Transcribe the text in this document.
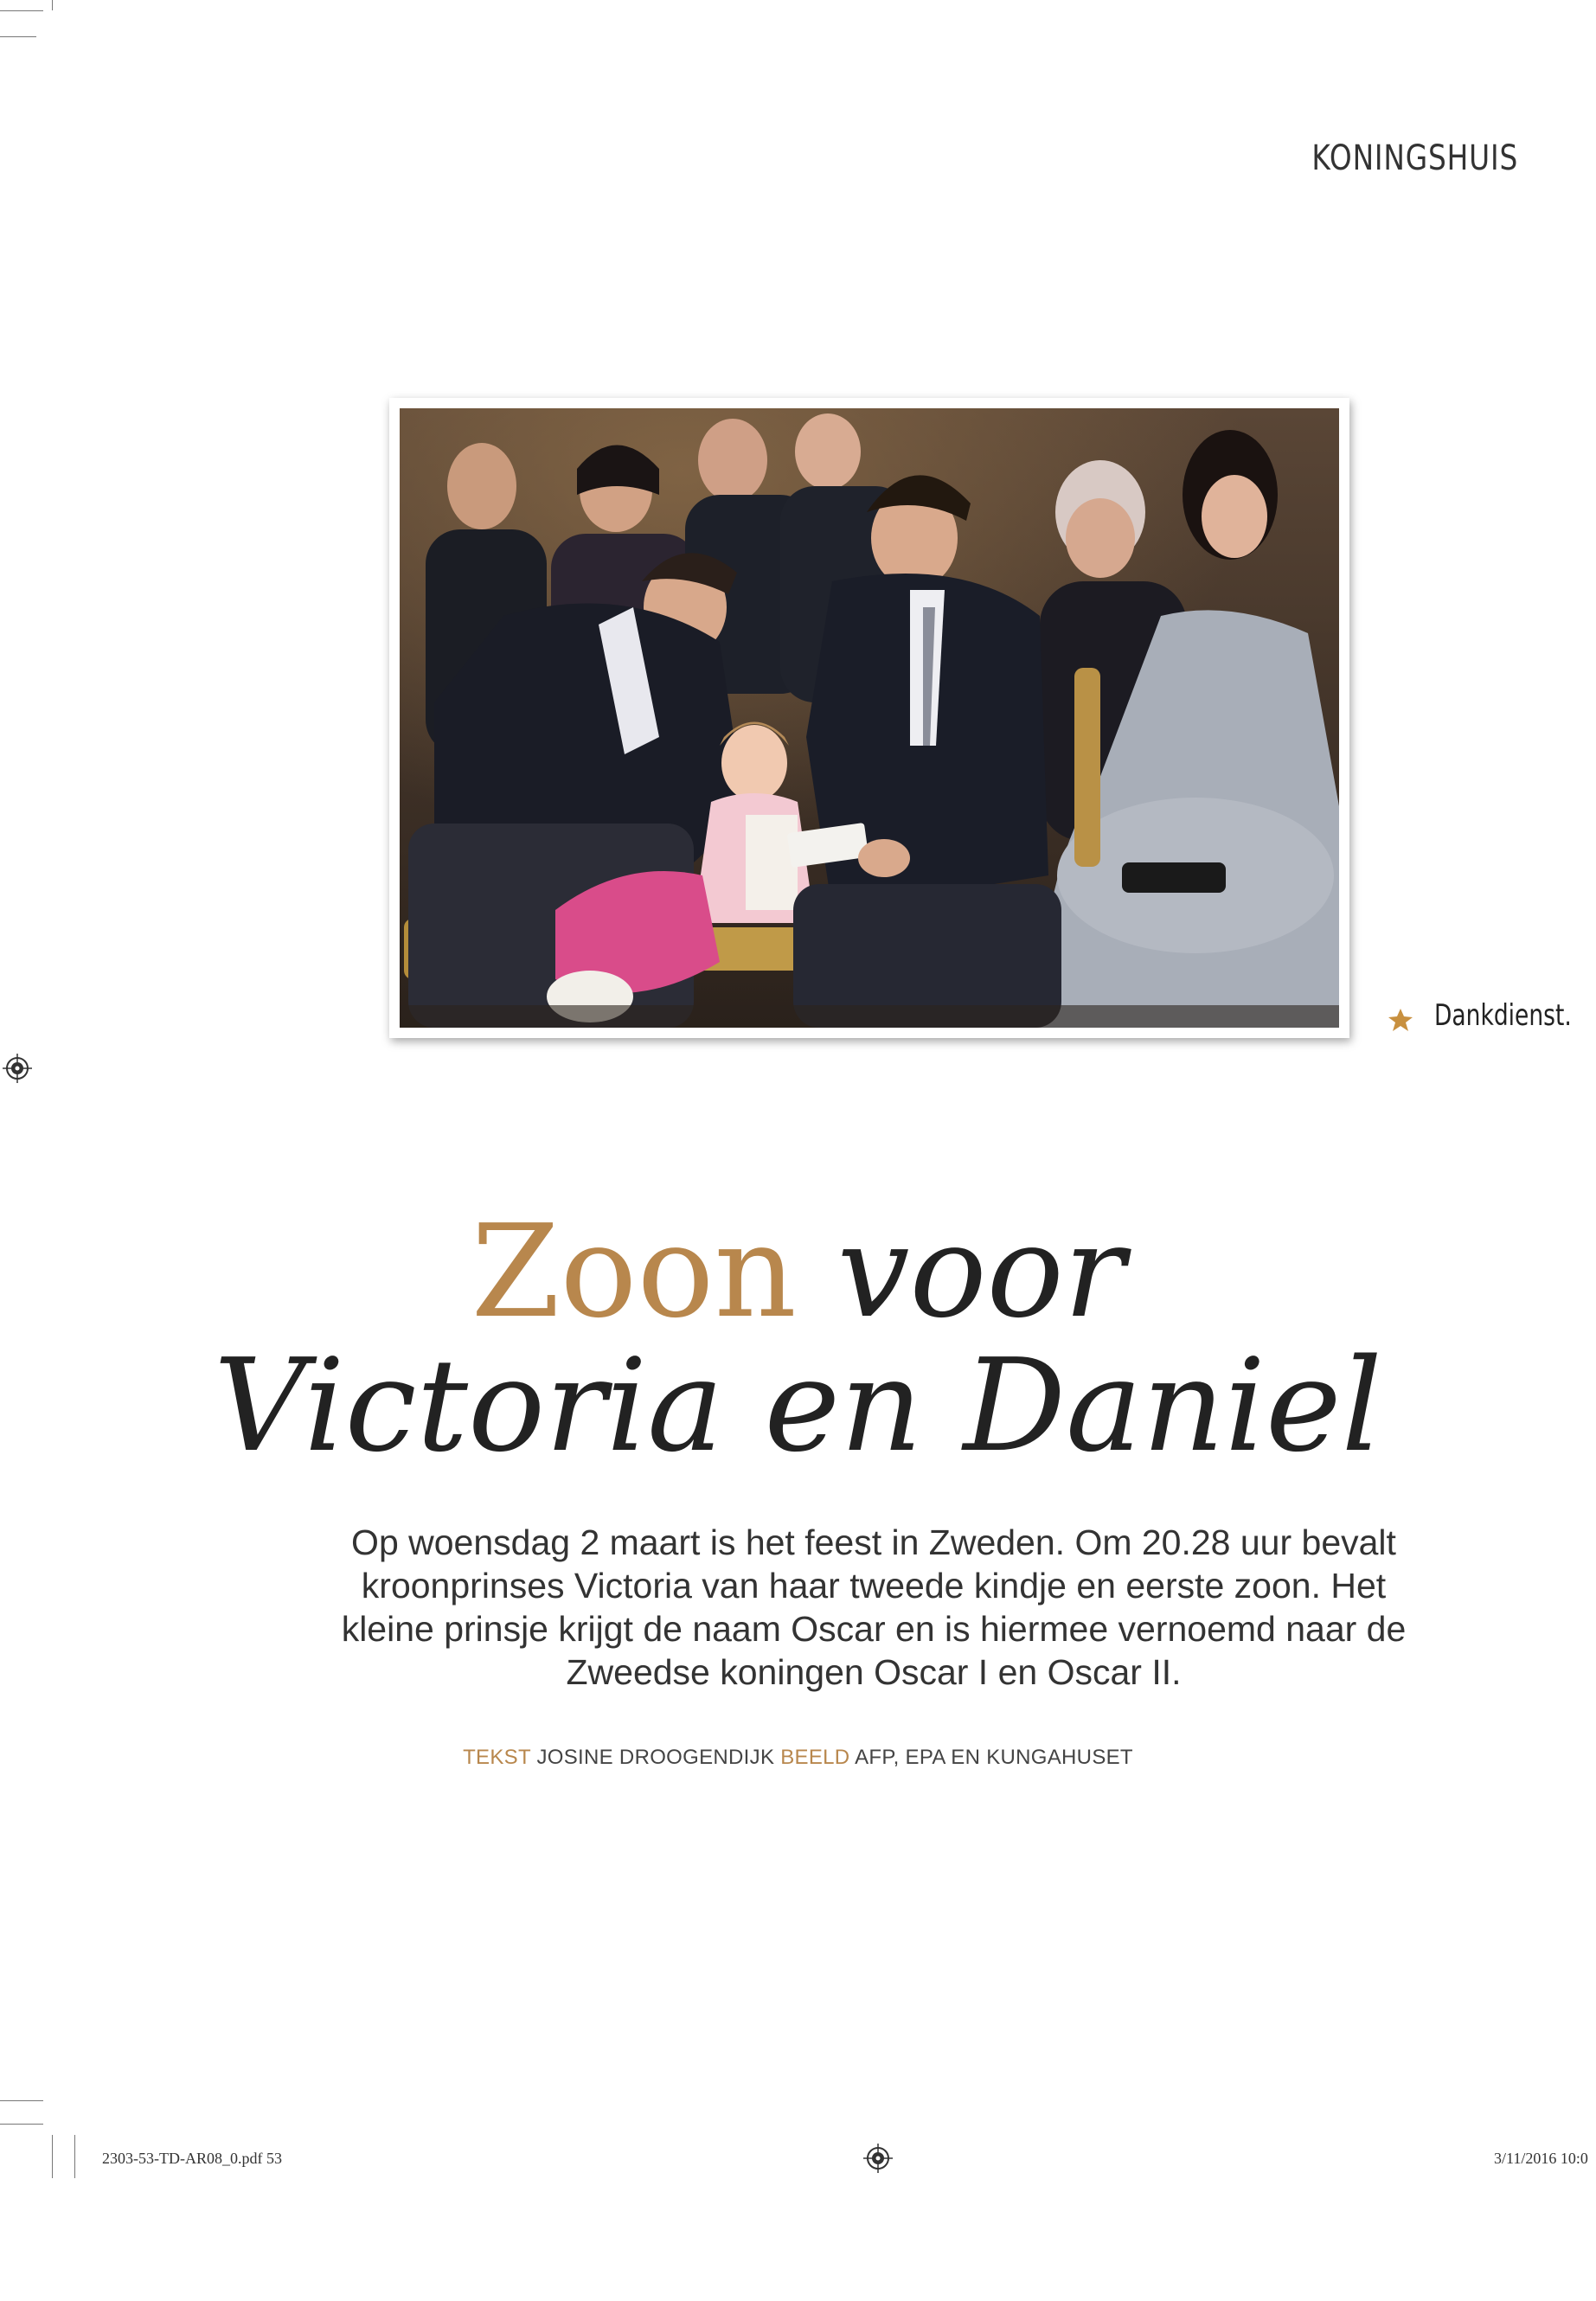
KONINGSHUIS
Dankdienst.
Zoon voor
Victoria en Daniel
Op woensdag 2 maart is het feest in Zweden. Om 20.28 uur bevalt kroonprinses Victoria van haar tweede kindje en eerste zoon. Het kleine prinsje krijgt de naam Oscar en is hiermee vernoemd naar de Zweedse koningen Oscar I en Oscar II.
TEKST JOSINE DROOGENDIJK BEELD AFP, EPA EN KUNGAHUSET
2303-53-TD-AR08_0.pdf 53	3/11/2016 10:0
